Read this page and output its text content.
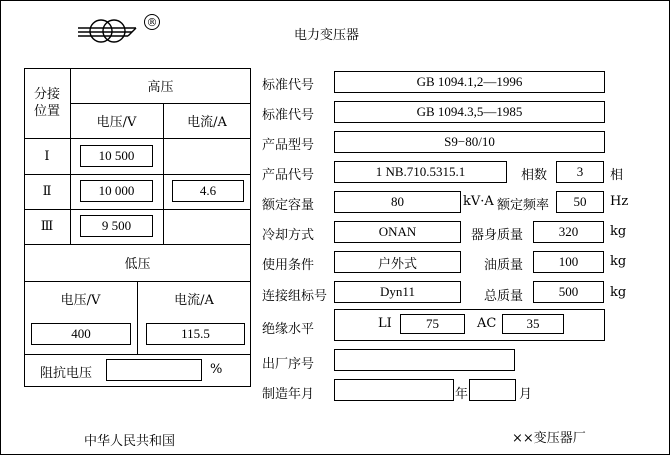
®
电力变压器
分接
位置
高压
电压/V	电流/A
Ⅰ	10 500
Ⅱ	10 000	4.6
Ⅲ	9 500
低压
电压/V	电流/A
400	115.5
阻抗电压	%
标准代号	GB 1094.1,2—1996
标准代号	GB 1094.3,5—1985
产品型号	S9−80/10
产品代号	1 NB.710.5315.1	相数	3	相
额定容量	80	kV·A 额定频率	50	Hz
冷却方式	ONAN	器身质量	320	kg
使用条件	户外式	油质量	100	kg
连接组标号	Dyn11	总质量	500	kg
绝缘水平	LI	75	AC	35
出厂序号
制造年月	年	月
中华人民共和国	××变压器厂
